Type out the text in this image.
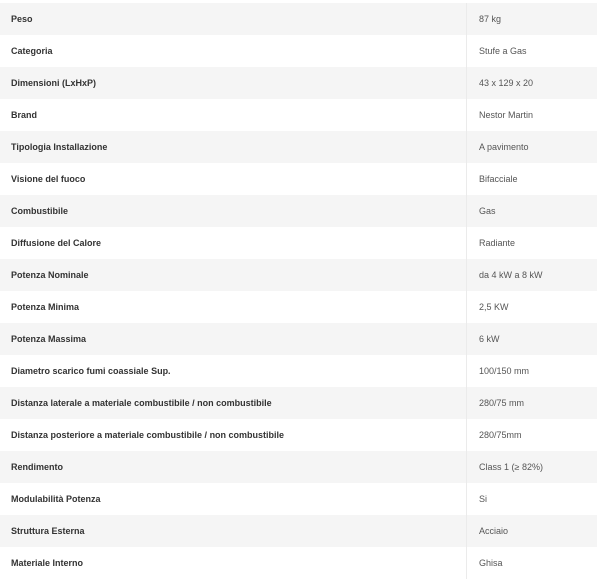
Peso	87 kg
Categoria	Stufe a Gas
Dimensioni (LxHxP)	43 x 129 x 20
Brand	Nestor Martin
Tipologia Installazione	A pavimento
Visione del fuoco	Bifacciale
Combustibile	Gas
Diffusione del Calore	Radiante
Potenza Nominale	da 4 kW a 8 kW
Potenza Minima	2,5 KW
Potenza Massima	6 kW
Diametro scarico fumi coassiale Sup.	100/150 mm
Distanza laterale a materiale combustibile / non combustibile	280/75 mm
Distanza posteriore a materiale combustibile / non combustibile	280/75mm
Rendimento	Class 1 (≥ 82%)
Modulabilità Potenza	Si
Struttura Esterna	Acciaio
Materiale Interno	Ghisa
